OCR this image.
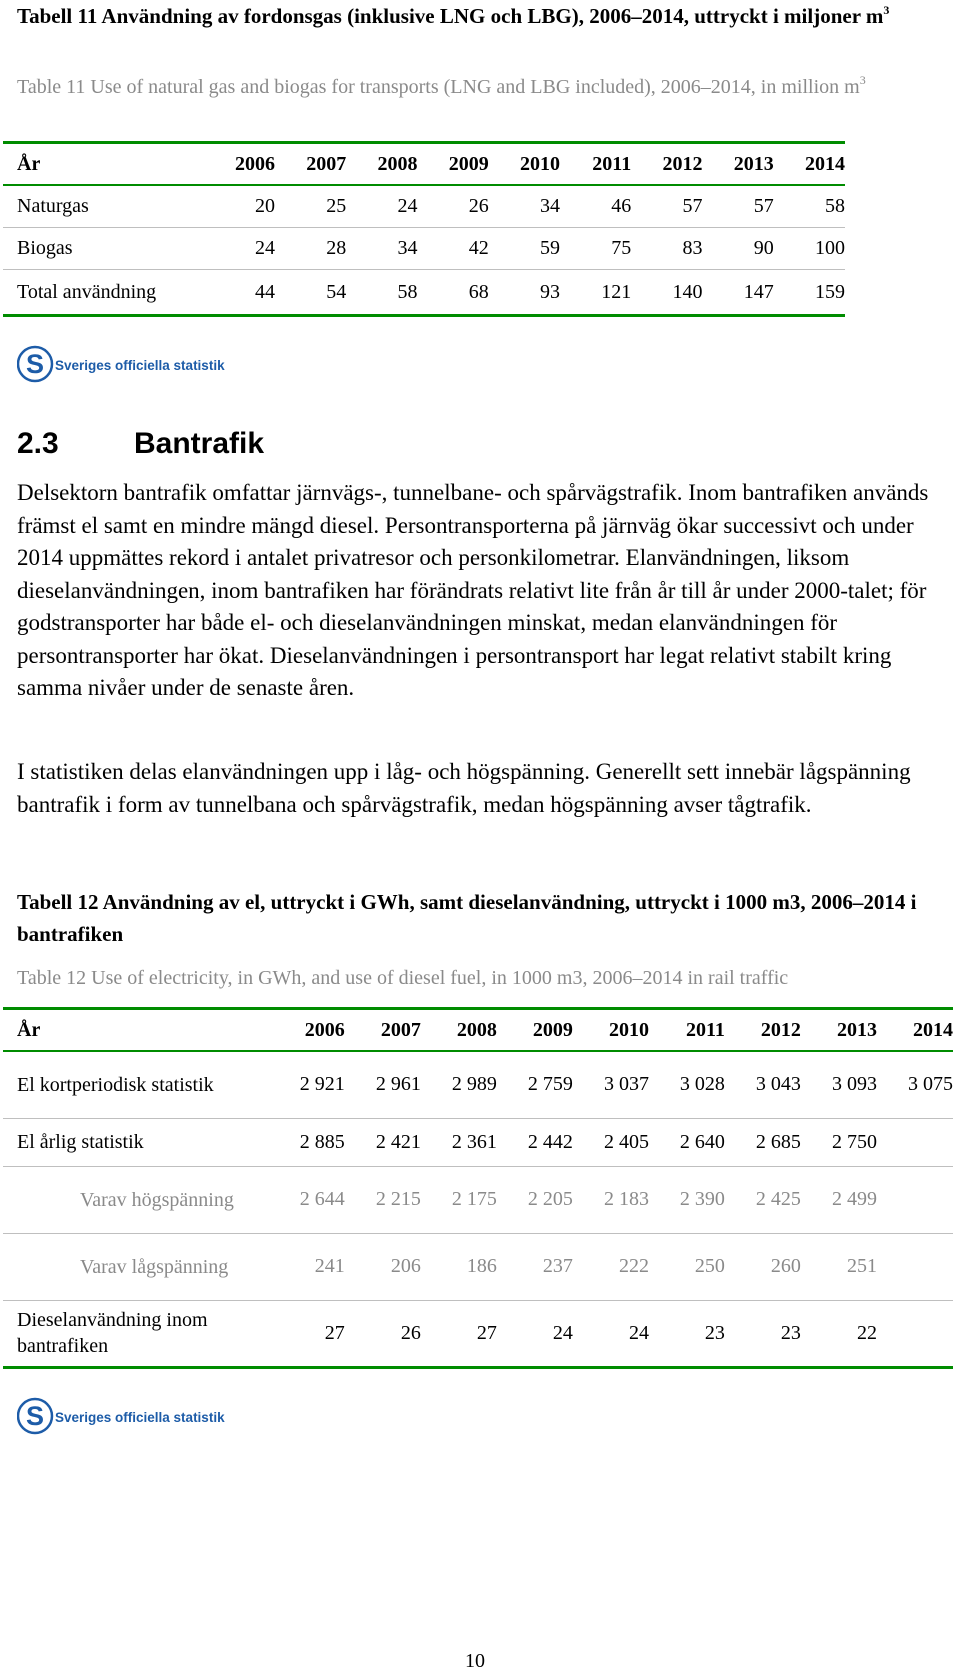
Tabell 11 Användning av fordonsgas (inklusive LNG och LBG), 2006–2014, uttryckt i miljoner $m^3$
Table 11 Use of natural gas and biogas for transports (LNG and LBG included), 2006–2014, in million $m^3$
År	2006	2007	2008	2009	2010	2011	2012	2013	2014
Naturgas	20	25	24	26	34	46	57	57	58
Biogas	24	28	34	42	59	75	83	90	100
Total användning	44	54	58	68	93	121	140	147	159
S Sveriges officiella statistik
2.3	Bantrafik
Delsektorn bantrafik omfattar järnvägs-, tunnelbane- och spårvägstrafik. Inom bantrafiken används främst el samt en mindre mängd diesel. Persontransporterna på järnväg ökar successivt och under 2014 uppmättes rekord i antalet privatresor och personkilometrar. Elanvändningen, liksom dieselanvändningen, inom bantrafiken har förändrats relativt lite från år till år under 2000-talet; för godstransporter har både el- och dieselanvändningen minskat, medan elanvändningen för persontransporter har ökat. Dieselanvändningen i persontransport har legat relativt stabilt kring samma nivåer under de senaste åren.
I statistiken delas elanvändningen upp i låg- och högspänning. Generellt sett innebär lågspänning bantrafik i form av tunnelbana och spårvägstrafik, medan högspänning avser tågtrafik.
Tabell 12 Användning av el, uttryckt i GWh, samt dieselanvändning, uttryckt i 1000 m3, 2006–2014 i bantrafiken
Table 12 Use of electricity, in GWh, and use of diesel fuel, in 1000 m3, 2006–2014 in rail traffic
År	2006	2007	2008	2009	2010	2011	2012	2013	2014
El kortperiodisk statistik	2 921	2 961	2 989	2 759	3 037	3 028	3 043	3 093	3 075
El årlig statistik	2 885	2 421	2 361	2 442	2 405	2 640	2 685	2 750	
Varav högspänning	2 644	2 215	2 175	2 205	2 183	2 390	2 425	2 499	
Varav lågspänning	241	206	186	237	222	250	260	251	
Dieselanvändning inom bantrafiken	27	26	27	24	24	23	23	22	
S Sveriges officiella statistik
10
